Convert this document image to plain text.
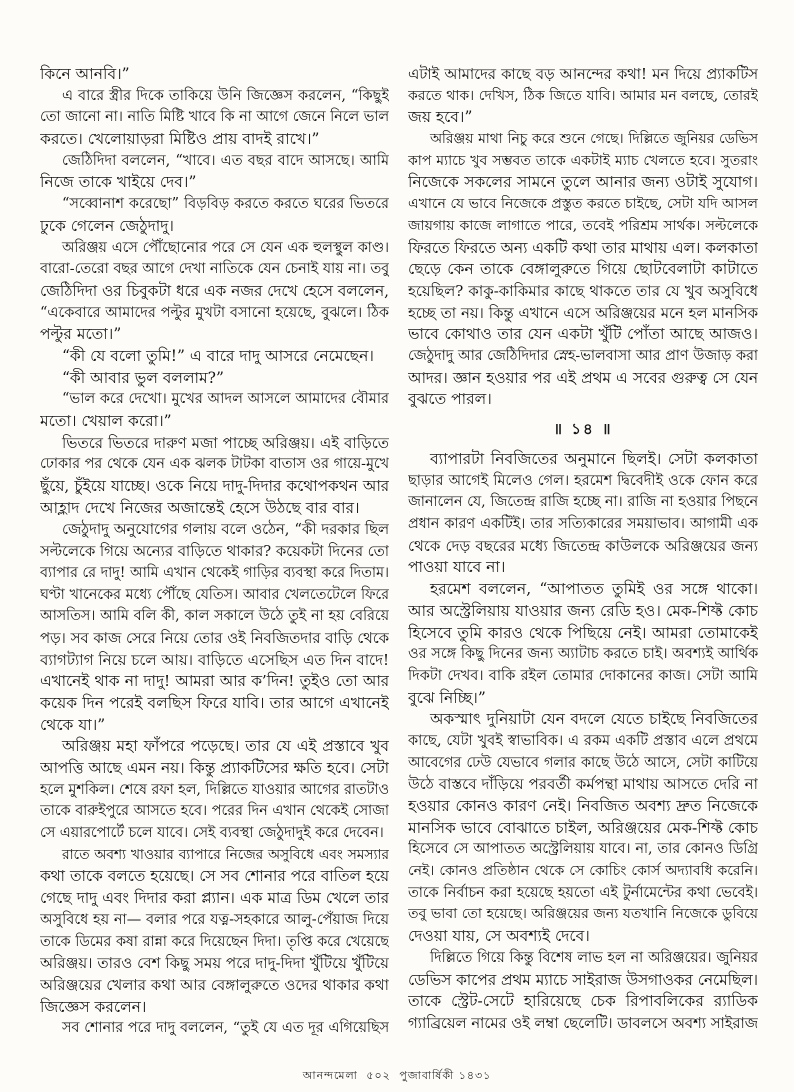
কিনে আনবি।”
এ বারে স্ত্রীর দিকে তাকিয়ে উনি জিজ্ঞেস করলেন, “কিছুই
তো জানো না। নাতি মিষ্টি খাবে কি না আগে জেনে নিলে ভাল
করতে। খেলোয়াড়রা মিষ্টিও প্রায় বাদই রাখে।”
জেঠিদিদা বললেন, “খাবে। এত বছর বাদে আসছে। আমি
নিজে তাকে খাইয়ে দেব।”
“সব্বোনাশ করেছো” বিড়বিড় করতে করতে ঘরের ভিতরে
ঢুকে গেলেন জেঠুদাদু।
অরিঞ্জয় এসে পৌঁছোনোর পরে সে যেন এক হুলস্থুল কাণ্ড।
বারো-তেরো বছর আগে দেখা নাতিকে যেন চেনাই যায় না। তবু
জেঠিদিদা ওর চিবুকটা ধরে এক নজর দেখে হেসে বললেন,
“একেবারে আমাদের পল্টুর মুখটা বসানো হয়েছে, বুঝলে। ঠিক
পল্টুর মতো।”
“কী যে বলো তুমি!” এ বারে দাদু আসরে নেমেছেন।
“কী আবার ভুল বললাম?”
“ভাল করে দেখো। মুখের আদল আসলে আমাদের বৌমার
মতো। খেয়াল করো।”
ভিতরে ভিতরে দারুণ মজা পাচ্ছে অরিঞ্জয়। এই বাড়িতে
ঢোকার পর থেকে যেন এক ঝলক টাটকা বাতাস ওর গায়ে-মুখে
ছুঁয়ে, চুঁইয়ে যাচ্ছে। ওকে নিয়ে দাদু-দিদার কথোপকথন আর
আহ্লাদ দেখে নিজের অজান্তেই হেসে উঠছে বার বার।
জেঠুদাদু অনুযোগের গলায় বলে ওঠেন, “কী দরকার ছিল
সল্টলেকে গিয়ে অন্যের বাড়িতে থাকার? কয়েকটা দিনের তো
ব্যাপার রে দাদু! আমি এখান থেকেই গাড়ির ব্যবস্থা করে দিতাম।
ঘণ্টা খানেকের মধ্যে পৌঁছে যেতিস। আবার খেলতেটেলে ফিরে
আসতিস। আমি বলি কী, কাল সকালে উঠে তুই না হয় বেরিয়ে
পড়। সব কাজ সেরে নিয়ে তোর ওই নিবজিতদার বাড়ি থেকে
ব্যাগট্যাগ নিয়ে চলে আয়। বাড়িতে এসেছিস এত দিন বাদে!
এখানেই থাক না দাদু! আমরা আর ক’দিন! তুইও তো আর
কয়েক দিন পরেই বলছিস ফিরে যাবি। তার আগে এখানেই
থেকে যা।”
অরিঞ্জয় মহা ফাঁপরে পড়েছে। তার যে এই প্রস্তাবে খুব
আপত্তি আছে এমন নয়। কিন্তু প্র্যাকটিসের ক্ষতি হবে। সেটা
হলে মুশকিল। শেষে রফা হল, দিল্লিতে যাওয়ার আগের রাতটাও
তাকে বারুইপুরে আসতে হবে। পরের দিন এখান থেকেই সোজা
সে এয়ারপোর্টে চলে যাবে। সেই ব্যবস্থা জেঠুদাদুই করে দেবেন।
রাতে অবশ্য খাওয়ার ব্যাপারে নিজের অসুবিধে এবং সমস্যার
কথা তাকে বলতে হয়েছে। সে সব শোনার পরে বাতিল হয়ে
গেছে দাদু এবং দিদার করা প্ল্যান। এক মাত্র ডিম খেলে তার
অসুবিধে হয় না— বলার পরে যত্ন-সহকারে আলু-পেঁয়াজ দিয়ে
তাকে ডিমের কষা রান্না করে দিয়েছেন দিদা। তৃপ্তি করে খেয়েছে
অরিঞ্জয়। তারও বেশ কিছু সময় পরে দাদু-দিদা খুঁটিয়ে খুঁটিয়ে
অরিঞ্জয়ের খেলার কথা আর বেঙ্গালুরুতে ওদের থাকার কথা
জিজ্ঞেস করলেন।
সব শোনার পরে দাদু বললেন, “তুই যে এত দূর এগিয়েছিস
এটাই আমাদের কাছে বড় আনন্দের কথা! মন দিয়ে প্র্যাকটিস
করতে থাক। দেখিস, ঠিক জিতে যাবি। আমার মন বলছে, তোরই
জয় হবে।”
অরিঞ্জয় মাথা নিচু করে শুনে গেছে। দিল্লিতে জুনিয়র ডেভিস
কাপ ম্যাচে খুব সম্ভবত তাকে একটাই ম্যাচ খেলতে হবে। সুতরাং
নিজেকে সকলের সামনে তুলে আনার জন্য ওটাই সুযোগ।
এখানে যে ভাবে নিজেকে প্রস্তুত করতে চাইছে, সেটা যদি আসল
জায়গায় কাজে লাগাতে পারে, তবেই পরিশ্রম সার্থক। সল্টলেকে
ফিরতে ফিরতে অন্য একটি কথা তার মাথায় এল। কলকাতা
ছেড়ে কেন তাকে বেঙ্গালুরুতে গিয়ে ছোটবেলাটা কাটাতে
হয়েছিল? কাকু-কাকিমার কাছে থাকতে তার যে খুব অসুবিধে
হচ্ছে তা নয়। কিন্তু এখানে এসে অরিঞ্জয়ের মনে হল মানসিক
ভাবে কোথাও তার যেন একটা খুঁটি পোঁতা আছে আজও।
জেঠুদাদু আর জেঠিদিদার স্নেহ-ভালবাসা আর প্রাণ উজাড় করা
আদর। জ্ঞান হওয়ার পর এই প্রথম এ সবের গুরুত্ব সে যেন
বুঝতে পারল।
॥ ১৪ ॥
ব্যাপারটা নিবজিতের অনুমানে ছিলই। সেটা কলকাতা
ছাড়ার আগেই মিলেও গেল। হরমেশ দ্বিবেদীই ওকে ফোন করে
জানালেন যে, জিতেন্দ্র রাজি হচ্ছে না। রাজি না হওয়ার পিছনে
প্রধান কারণ একটিই। তার সত্যিকারের সময়াভাব। আগামী এক
থেকে দেড় বছরের মধ্যে জিতেন্দ্র কাউলকে অরিঞ্জয়ের জন্য
পাওয়া যাবে না।
হরমেশ বললেন, “আপাতত তুমিই ওর সঙ্গে থাকো।
আর অস্ট্রেলিয়ায় যাওয়ার জন্য রেডি হও। মেক-শিফ্ট কোচ
হিসেবে তুমি কারও থেকে পিছিয়ে নেই। আমরা তোমাকেই
ওর সঙ্গে কিছু দিনের জন্য অ্যাটাচ করতে চাই। অবশ্যই আর্থিক
দিকটা দেখব। বাকি রইল তোমার দোকানের কাজ। সেটা আমি
বুঝে নিচ্ছি।”
অকস্মাৎ দুনিয়াটা যেন বদলে যেতে চাইছে নিবজিতের
কাছে, যেটা খুবই স্বাভাবিক। এ রকম একটি প্রস্তাব এলে প্রথমে
আবেগের ঢেউ যেভাবে গলার কাছে উঠে আসে, সেটা কাটিয়ে
উঠে বাস্তবে দাঁড়িয়ে পরবর্তী কর্মপন্থা মাথায় আসতে দেরি না
হওয়ার কোনও কারণ নেই। নিবজিত অবশ্য দ্রুত নিজেকে
মানসিক ভাবে বোঝাতে চাইল, অরিঞ্জয়ের মেক-শিফ্ট কোচ
হিসেবে সে আপাতত অস্ট্রেলিয়ায় যাবে। না, তার কোনও ডিগ্রি
নেই। কোনও প্রতিষ্ঠান থেকে সে কোচিং কোর্স অদ্যাবধি করেনি।
তাকে নির্বাচন করা হয়েছে হয়তো এই টুর্নামেন্টের কথা ভেবেই।
তবু ভাবা তো হয়েছে। অরিঞ্জয়ের জন্য যতখানি নিজেকে ডুবিয়ে
দেওয়া যায়, সে অবশ্যই দেবে।
দিল্লিতে গিয়ে কিন্তু বিশেষ লাভ হল না অরিঞ্জয়ের। জুনিয়র
ডেভিস কাপের প্রথম ম্যাচে সাইরাজ উসগাওকর নেমেছিল।
তাকে স্ট্রেট-সেটে হারিয়েছে চেক রিপাবলিকের র‍্যাডিক
গ্যাব্রিয়েল নামের ওই লম্বা ছেলেটি। ডাবলসে অবশ্য সাইরাজ
আনন্দমেলা ৫০২ পুজাবার্ষিকী ১৪৩১
